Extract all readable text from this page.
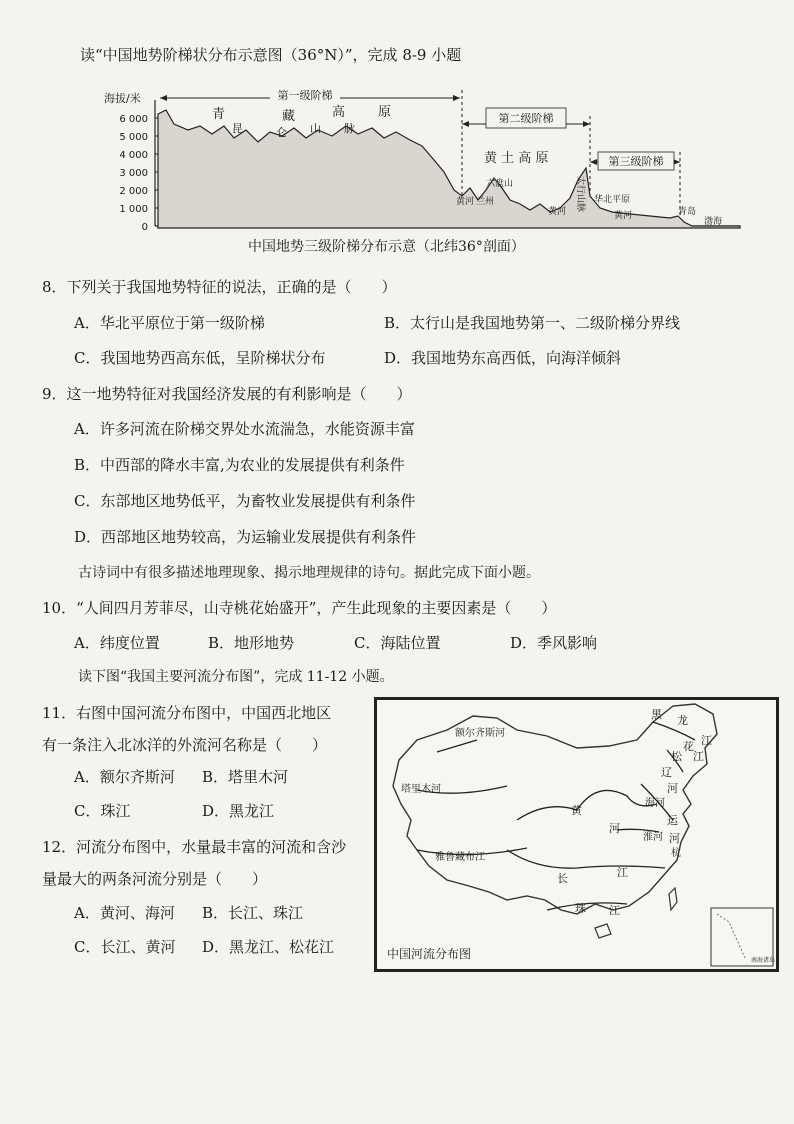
读“中国地势阶梯状分布示意图（36°N）”，完成 8-9 小题
海拔/米
6 000
5 000
4 000
3 000
2 000
1 000
0
第一级阶梯
第二级阶梯
第三级阶梯
青	藏	高	原
昆	仑 山 脉
黄 土 高 原
六盘山
黄河 兰州
黄河 太行山脉 华北平原
黄河	青岛
渤海
中国地势三级阶梯分布示意（北纬36°剖面）
8．下列关于我国地势特征的说法，正确的是（　　）
A．华北平原位于第一级阶梯	B．太行山是我国地势第一、二级阶梯分界线
C．我国地势西高东低，呈阶梯状分布	D．我国地势东高西低，向海洋倾斜
9．这一地势特征对我国经济发展的有利影响是（　　）
A．许多河流在阶梯交界处水流湍急，水能资源丰富
B．中西部的降水丰富,为农业的发展提供有利条件
C．东部地区地势低平，为畜牧业发展提供有利条件
D．西部地区地势较高，为运输业发展提供有利条件
古诗词中有很多描述地理现象、揭示地理规律的诗句。据此完成下面小题。
10．“人间四月芳菲尽，山寺桃花始盛开”，产生此现象的主要因素是（　　）
A．纬度位置	B．地形地势	C．海陆位置	D．季风影响
读下图“我国主要河流分布图”，完成 11-12 小题。
11．右图中国河流分布图中，中国西北地区
有一条注入北冰洋的外流河名称是（　　）
A．额尔齐斯河 B．塔里木河
C．珠江	D．黑龙江
12．河流分布图中，水量最丰富的河流和含沙
量最大的两条河流分别是（　　）
A．黄河、海河 B．长江、珠江
C．长江、黄河 D．黑龙江、松花江
南海诸岛
额尔齐斯河
塔里木河
雅鲁藏布江
黑 龙
江
松
花
江
辽
河
海河
黄
河
淮河
运
河
杭
长	江
珠 江
中国河流分布图
